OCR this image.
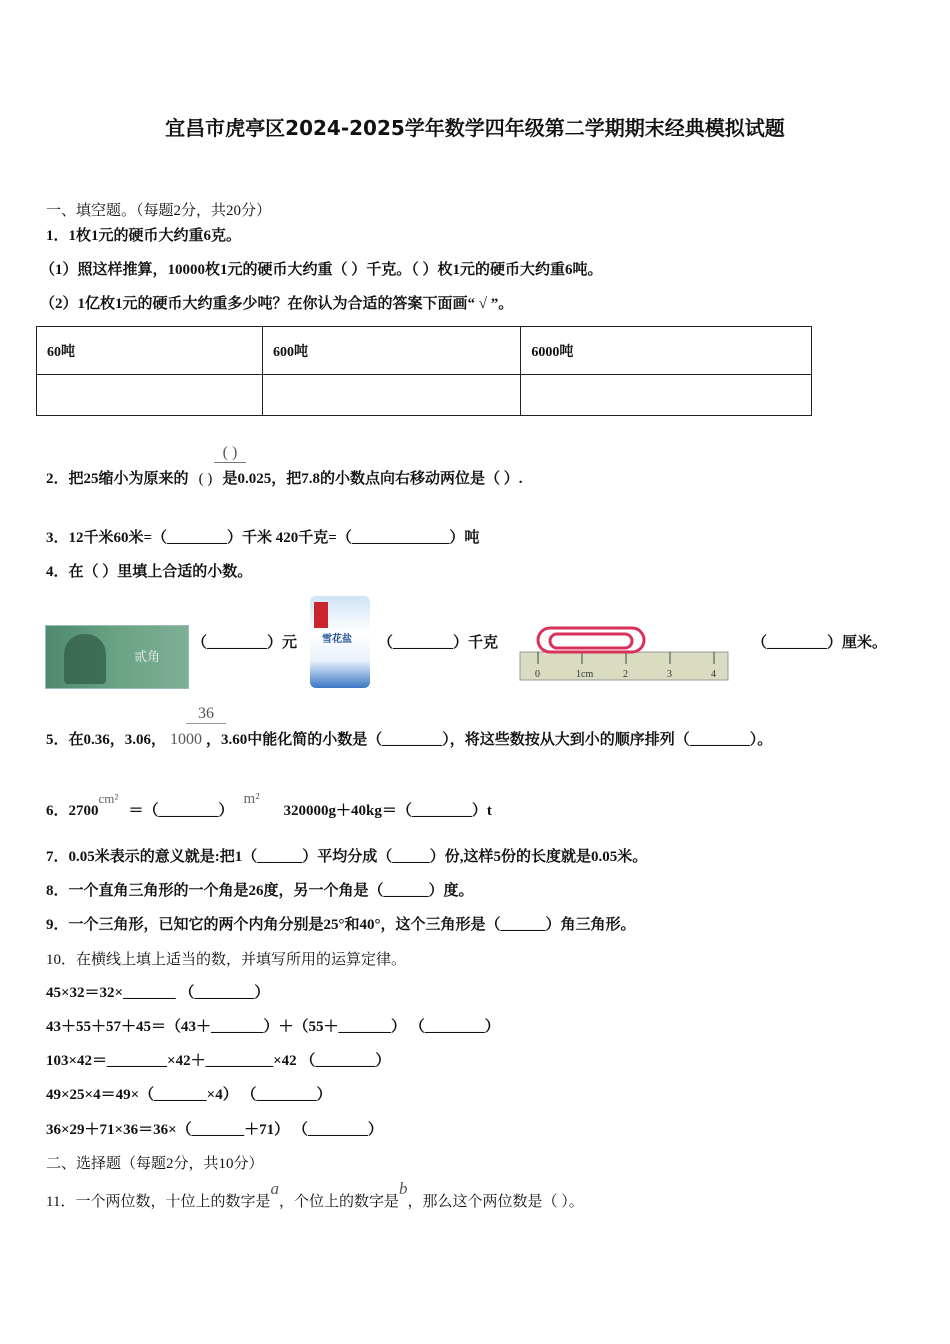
宜昌市虎亭区2024-2025学年数学四年级第二学期期末经典模拟试题
一、填空题。（每题2分，共20分）
1．1枚1元的硬币大约重6克。
（1）照这样推算，10000枚1元的硬币大约重（ ）千克。（ ）枚1元的硬币大约重6吨。
（2）1亿枚1元的硬币大约重多少吨？在你认为合适的答案下面画“ √ ”。
60吨	600吨	6000吨

( )
2．把25缩小为原来的 ( ) 是0.025，把7.8的小数点向右移动两位是（ ）.
3．12千米60米=（________）千米 420千克=（_____________）吨
4．在（ ）里填上合适的小数。
贰角
（________）元 雪花盐 （________）千克
0	1cm	2	3	4
（________）厘米。
36
5．在0.36，3.06， 1000 ，3.60中能化简的小数是（________），将这些数按从大到小的顺序排列（________）。
6．2700cm²＝（________）m²320000g＋40kg＝（________）t
7．0.05米表示的意义就是:把1（______）平均分成（_____）份,这样5份的长度就是0.05米。
8．一个直角三角形的一个角是26度，另一个角是（______）度。
9．一个三角形，已知它的两个内角分别是25°和40°，这个三角形是（______）角三角形。
10．在横线上填上适当的数，并填写所用的运算定律。
45×32＝32×_______ （________）
43＋55＋57＋45＝（43＋_______）＋（55＋_______） （________）
103×42＝________×42＋_________×42 （________）
49×25×4＝49×（_______×4） （________）
36×29＋71×36＝36×（_______＋71） （________）
二、选择题（每题2分，共10分）
11．一个两位数，十位上的数字是a，个位上的数字是b，那么这个两位数是（ ）。
